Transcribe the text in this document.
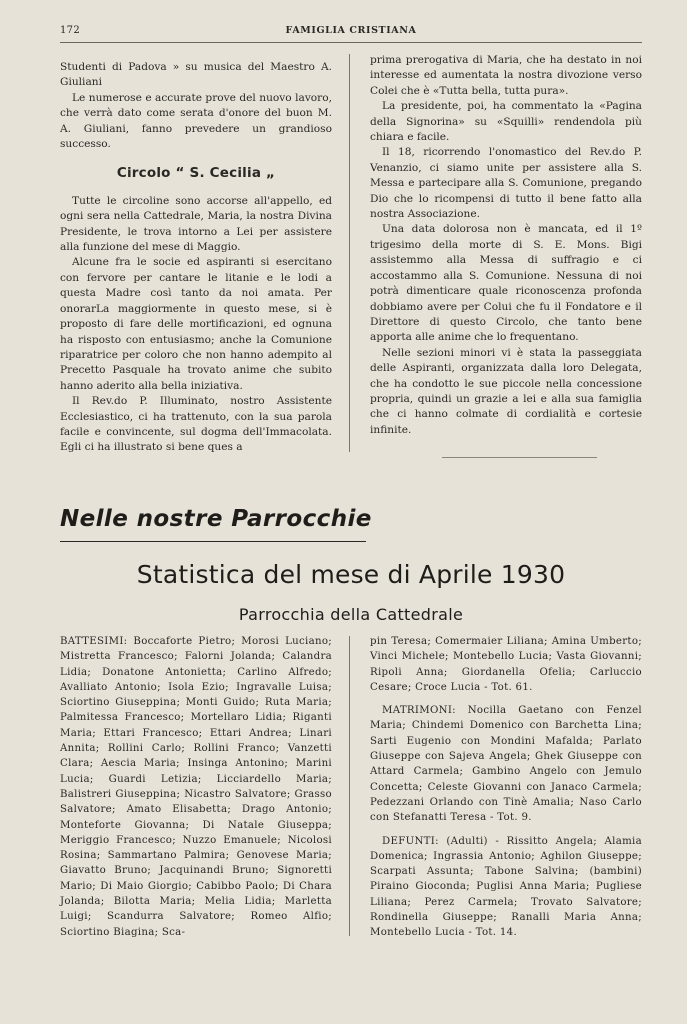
172	FAMIGLIA CRISTIANA

Studenti di Padova » su musica del Maestro A. Giuliani

Le numerose e accurate prove del nuovo lavoro, che verrà dato come serata d'onore del buon M. A. Giuliani, fanno prevedere un grandioso successo.

Circolo “ S. Cecilia „

Tutte le circoline sono accorse all'appello, ed ogni sera nella Cattedrale, Maria, la nostra Divina Presidente, le trova intorno a Lei per assistere alla funzione del mese di Maggio.

Alcune fra le socie ed aspiranti si esercitano con fervore per cantare le litanie e le lodi a questa Madre così tanto da noi amata. Per onorarLa maggiormente in questo mese, si è proposto di fare delle mortificazioni, ed ognuna ha risposto con entusiasmo; anche la Comunione riparatrice per coloro che non hanno adempito al Precetto Pasquale ha trovato anime che subito hanno aderito alla bella iniziativa.

Il Rev.do P. Illuminato, nostro Assistente Ecclesiastico, ci ha trattenuto, con la sua parola facile e convincente, sul dogma dell'Immacolata. Egli ci ha illustrato si bene ques a

prima prerogativa di Maria, che ha destato in noi interesse ed aumentata la nostra divozione verso Colei che è «Tutta bella, tutta pura».

La presidente, poi, ha commentato la «Pagina della Signorina» su «Squilli» rendendola più chiara e facile.

Il 18, ricorrendo l'onomastico del Rev.do P. Venanzio, ci siamo unite per assistere alla S. Messa e partecipare alla S. Comunione, pregando Dio che lo ricompensi di tutto il bene fatto alla nostra Associazione.

Una data dolorosa non è mancata, ed il 1º trigesimo della morte di S. E. Mons. Bigi assistemmo alla Messa di suffragio e ci accostammo alla S. Comunione. Nessuna di noi potrà dimenticare quale riconoscenza profonda dobbiamo avere per Colui che fu il Fondatore e il Direttore di questo Circolo, che tanto bene apporta alle anime che lo frequentano.

Nelle sezioni minori vi è stata la passeggiata delle Aspiranti, organizzata dalla loro Delegata, che ha condotto le sue piccole nella concessione propria, quindi un grazie a lei e alla sua famiglia che ci hanno colmate di cordialità e cortesie infinite.

Nelle nostre Parrocchie
Statistica del mese di Aprile 1930
Parrocchia della Cattedrale

BATTESIMI: Boccaforte Pietro; Morosi Luciano; Mistretta Francesco; Falorni Jolanda; Calandra Lidia; Donatone Antonietta; Carlino Alfredo; Avalliato Antonio; Isola Ezio; Ingravalle Luisa; Sciortino Giuseppina; Monti Guido; Ruta Maria; Palmitessa Francesco; Mortellaro Lidia; Riganti Maria; Ettari Francesco; Ettari Andrea; Linari Annita; Rollini Carlo; Rollini Franco; Vanzetti Clara; Aescia Maria; Insinga Antonino; Marini Lucia; Guardi Letizia; Licciardello Maria; Balistreri Giuseppina; Nicastro Salvatore; Grasso Salvatore; Amato Elisabetta; Drago Antonio; Monteforte Giovanna; Di Natale Giuseppa; Meriggio Francesco; Nuzzo Emanuele; Nicolosi Rosina; Sammartano Palmira; Genovese Maria; Giavatto Bruno; Jacquinandi Bruno; Signoretti Mario; Di Maio Giorgio; Cabibbo Paolo; Di Chara Jolanda; Bilotta Maria; Melia Lidia; Marletta Luigi; Scandurra Salvatore; Romeo Alfio; Sciortino Biagina; Sca-

pin Teresa; Comermaier Liliana; Amina Umberto; Vinci Michele; Montebello Lucia; Vasta Giovanni; Ripoli Anna; Giordanella Ofelia; Carluccio Cesare; Croce Lucia - Tot. 61.

MATRIMONI: Nocilla Gaetano con Fenzel Maria; Chindemi Domenico con Barchetta Lina; Sarti Eugenio con Mondini Mafalda; Parlato Giuseppe con Sajeva Angela; Ghek Giuseppe con Attard Carmela; Gambino Angelo con Jemulo Concetta; Celeste Giovanni con Janaco Carmela; Pedezzani Orlando con Tinè Amalia; Naso Carlo con Stefanatti Teresa - Tot. 9.

DEFUNTI: (Adulti) - Rissitto Angela; Alamia Domenica; Ingrassia Antonio; Aghilon Giuseppe; Scarpati Assunta; Tabone Salvina; (bambini) Piraino Gioconda; Puglisi Anna Maria; Pugliese Liliana; Perez Carmela; Trovato Salvatore; Rondinella Giuseppe; Ranalli Maria Anna; Montebello Lucia - Tot. 14.
